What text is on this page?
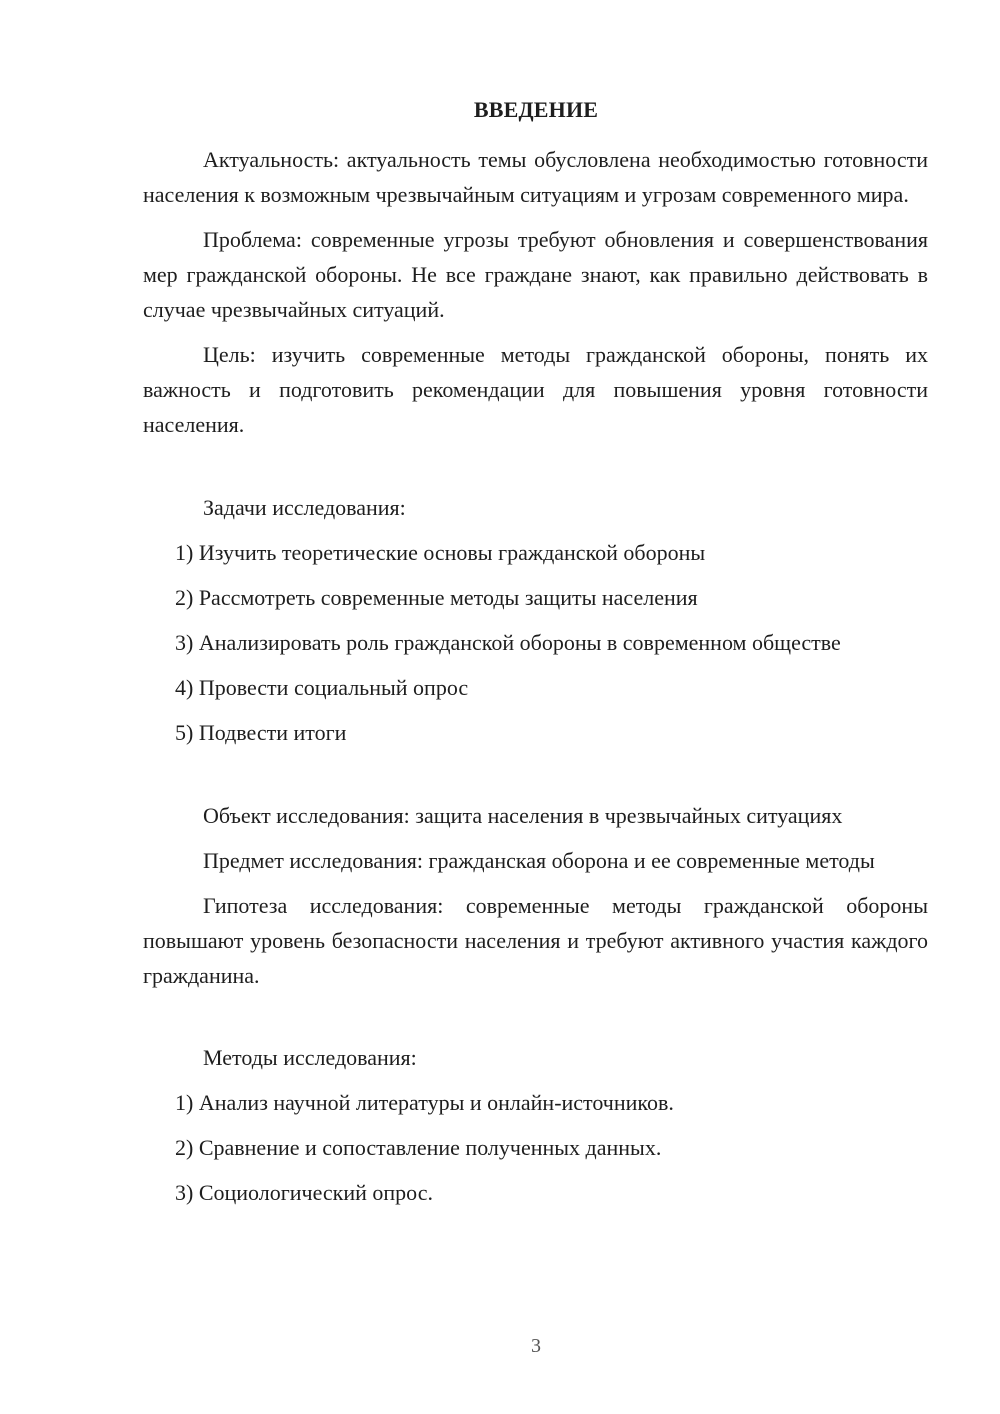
ВВЕДЕНИЕ

Актуальность: актуальность темы обусловлена необходимостью готовности населения к возможным чрезвычайным ситуациям и угрозам современного мира.

Проблема: современные угрозы требуют обновления и совершенствования мер гражданской обороны. Не все граждане знают, как правильно действовать в случае чрезвычайных ситуаций.

Цель: изучить современные методы гражданской обороны, понять их важность и подготовить рекомендации для повышения уровня готовности населения.

Задачи исследования:

1) Изучить теоретические основы гражданской обороны

2) Рассмотреть современные методы защиты населения

3) Анализировать роль гражданской обороны в современном обществе

4) Провести социальный опрос

5) Подвести итоги

Объект исследования: защита населения в чрезвычайных ситуациях

Предмет исследования: гражданская оборона и ее современные методы

Гипотеза исследования: современные методы гражданской обороны повышают уровень безопасности населения и требуют активного участия каждого гражданина.

Методы исследования:

1) Анализ научной литературы и онлайн-источников.

2) Сравнение и сопоставление полученных данных.

3) Социологический опрос.

3
